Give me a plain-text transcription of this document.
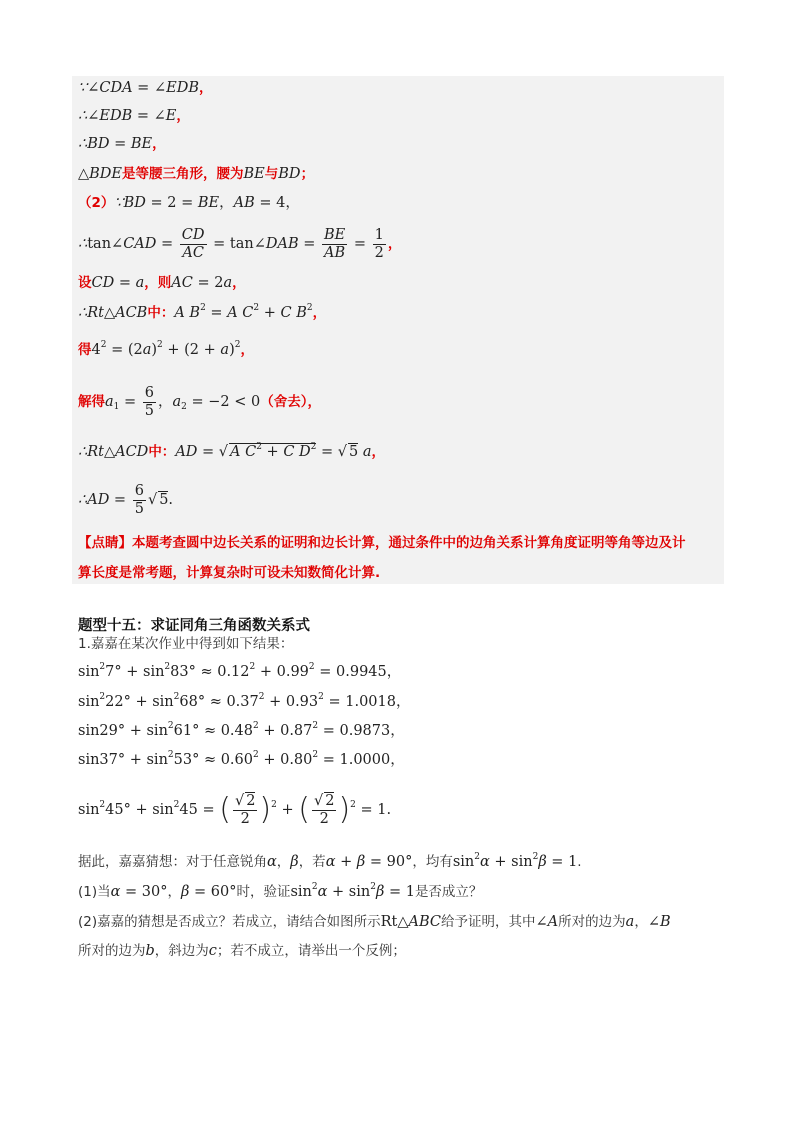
∵∠CDA = ∠EDB，
∴∠EDB = ∠E，
∴BD = BE，
△BDE是等腰三角形，腰为BE与BD；
（2）∵BD = 2 = BE，AB = 4，
∴tan∠CAD = $\frac{CD}{AC}$ = tan∠DAB = $\frac{BE}{AB} = \frac{1}{2}$ ，
设CD = a，则AC = 2a，
∴Rt△ACB中：A $B^2 = A$ $C^2 + C$ $B^2$，
得$4^2 = (2a)^2 + (2 + a)^2$，
解得$a_1 = \frac{6}{5}$ ，$a_2 = -2 < 0$（舍去），
∴Rt△ACD中：AD = √ A $C^2 + C$ $D^2$ = √ 5 a，
∴AD = $\frac{6}{5}$ √ 5.
【点睛】本题考查圆中边长关系的证明和边长计算，通过条件中的边角关系计算角度证明等角等边及计
算长度是常考题，计算复杂时可设未知数简化计算.
题型十五：求证同角三角函数关系式
1.嘉嘉在某次作业中得到如下结果：
$\sin^27^\circ + \sin^283^\circ \approx 0.12^2 + 0.99^2 = 0.9945$，
$\sin^222^\circ + \sin^268^\circ \approx 0.37^2 + 0.93^2 = 1.0018$，
$\sin 29^\circ + \sin^261^\circ \approx 0.48^2 + 0.87^2 = 0.9873$，
$\sin 37^\circ + \sin^253^\circ \approx 0.60^2 + 0.80^2 = 1.0000$，
$\sin^245^\circ + \sin^245$ = ( $\frac{√ 2}{2} )^2$ + ( $\frac{√ 2}{2} )^2 = 1$.
据此，嘉嘉猜想：对于任意锐角α，β，若α + β = 90°，均有$\sin^2\alpha + \sin^2\beta = 1$.
(1)当α = 30°，β = 60°时，验证$\sin^2\alpha + \sin^2\beta = 1$是否成立？
(2)嘉嘉的猜想是否成立？若成立，请结合如图所示Rt△ABC给予证明，其中∠A所对的边为a，∠B
所对的边为b，斜边为c；若不成立，请举出一个反例；
